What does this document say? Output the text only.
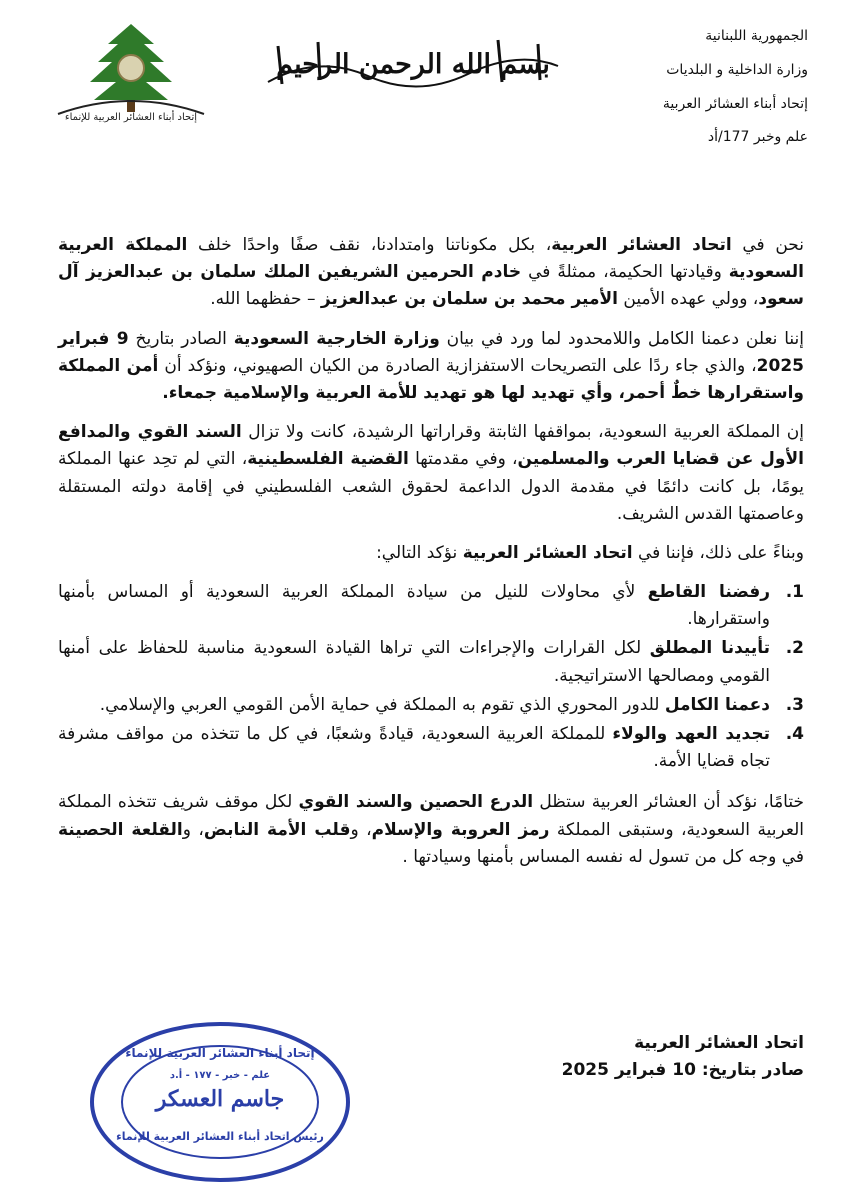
الجمهورية اللبنانية
وزارة الداخلية و البلديات
إتحاد أبناء العشائر العربية
علم وخبر 177/أد
بسم الله الرحمن الرحيم
إتحاد أبناء العشائر العربية للإنماء

نحن في اتحاد العشائر العربية، بكل مكوناتنا وامتدادنا، نقف صفًا واحدًا خلف المملكة العربية السعودية وقيادتها الحكيمة، ممثلةً في خادم الحرمين الشريفين الملك سلمان بن عبدالعزيز آل سعود، وولي عهده الأمين الأمير محمد بن سلمان بن عبدالعزيز – حفظهما الله.

إننا نعلن دعمنا الكامل واللامحدود لما ورد في بيان وزارة الخارجية السعودية الصادر بتاريخ 9 فبراير 2025، والذي جاء ردًا على التصريحات الاستفزازية الصادرة من الكيان الصهيوني، ونؤكد أن أمن المملكة واستقرارها خطٌ أحمر، وأي تهديد لها هو تهديد للأمة العربية والإسلامية جمعاء.

إن المملكة العربية السعودية، بمواقفها الثابتة وقراراتها الرشيدة، كانت ولا تزال السند القوي والمدافع الأول عن قضايا العرب والمسلمين، وفي مقدمتها القضية الفلسطينية، التي لم تحِد عنها المملكة يومًا، بل كانت دائمًا في مقدمة الدول الداعمة لحقوق الشعب الفلسطيني في إقامة دولته المستقلة وعاصمتها القدس الشريف.

وبناءً على ذلك، فإننا في اتحاد العشائر العربية نؤكد التالي:

1.
رفضنا القاطع لأي محاولات للنيل من سيادة المملكة العربية السعودية أو المساس بأمنها واستقرارها.
2.
تأييدنا المطلق لكل القرارات والإجراءات التي تراها القيادة السعودية مناسبة للحفاظ على أمنها القومي ومصالحها الاستراتيجية.
3.
دعمنا الكامل للدور المحوري الذي تقوم به المملكة في حماية الأمن القومي العربي والإسلامي.
4.
تجديد العهد والولاء للمملكة العربية السعودية، قيادةً وشعبًا، في كل ما تتخذه من مواقف مشرفة تجاه قضايا الأمة.

ختامًا، نؤكد أن العشائر العربية ستظل الدرع الحصين والسند القوي لكل موقف شريف تتخذه المملكة العربية السعودية، وستبقى المملكة رمز العروبة والإسلام، وقلب الأمة النابض، والقلعة الحصينة في وجه كل من تسول له نفسه المساس بأمنها وسيادتها .

اتحاد العشائر العربية
صادر بتاريخ: 10 فبراير 2025
إتحاد أبناء العشائر العربية للإنماء
علم - خبر - ١٧٧ - أ.د
جاسم العسكر
رئيس اتحاد أبناء العشائر العربية للإنماء
